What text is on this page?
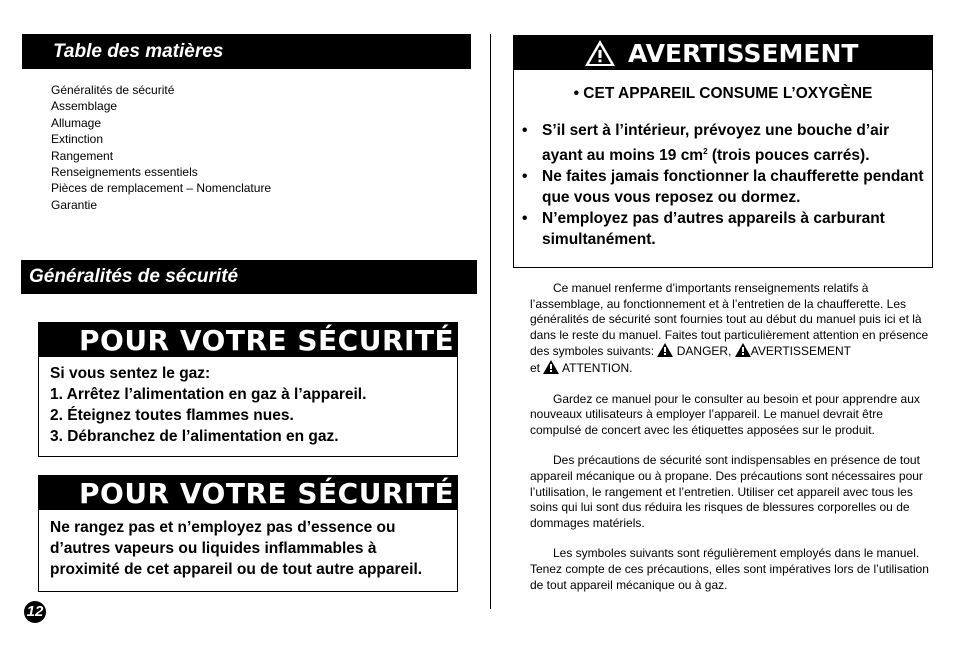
Table des matières
Généralités de sécurité
Assemblage
Allumage
Extinction
Rangement
Renseignements essentiels
Pièces de remplacement – Nomenclature
Garantie
Généralités de sécurité
POUR VOTRE SÉCURITÉ

Si vous sentez le gaz:

1. Arrêtez l’alimentation en gaz à l’appareil.

2. Éteignez toutes flammes nues.

3. Débranchez de l’alimentation en gaz.

POUR VOTRE SÉCURITÉ

Ne rangez pas et n’employez pas d’essence ou d’autres vapeurs ou liquides inflammables à proximité de cet appareil ou de tout autre appareil.

12
AVERTISSEMENT
• CET APPAREIL CONSUME L’OXYGÈNE
• S’il sert à l’intérieur, prévoyez une bouche d’air ayant au moins 19 $cm^2$ (trois pouces carrés).
• Ne faites jamais fonctionner la chaufferette pendant que vous vous reposez ou dormez.
• N’employez pas d’autres appareils à carburant simultanément.

Ce manuel renferme d’importants renseignements relatifs à l’assemblage, au fonctionnement et à l’entretien de la chaufferette. Les généralités de sécurité sont fournies tout au début du manuel puis ici et là dans le reste du manuel. Faites tout particulièrement attention en présence des symboles suivants:  DANGER, AVERTISSEMENT
et  ATTENTION.

Gardez ce manuel pour le consulter au besoin et pour apprendre aux nouveaux utilisateurs à employer l’appareil. Le manuel devrait être compulsé de concert avec les étiquettes apposées sur le produit.

Des précautions de sécurité sont indispensables en présence de tout appareil mécanique ou à propane. Des précautions sont nécessaires pour l’utilisation, le rangement et l’entretien. Utiliser cet appareil avec tous les soins qui lui sont dus réduira les risques de blessures corporelles ou de dommages matériels.

Les symboles suivants sont régulièrement employés dans le manuel. Tenez compte de ces précautions, elles sont impératives lors de l’utilisation de tout appareil mécanique ou à gaz.
